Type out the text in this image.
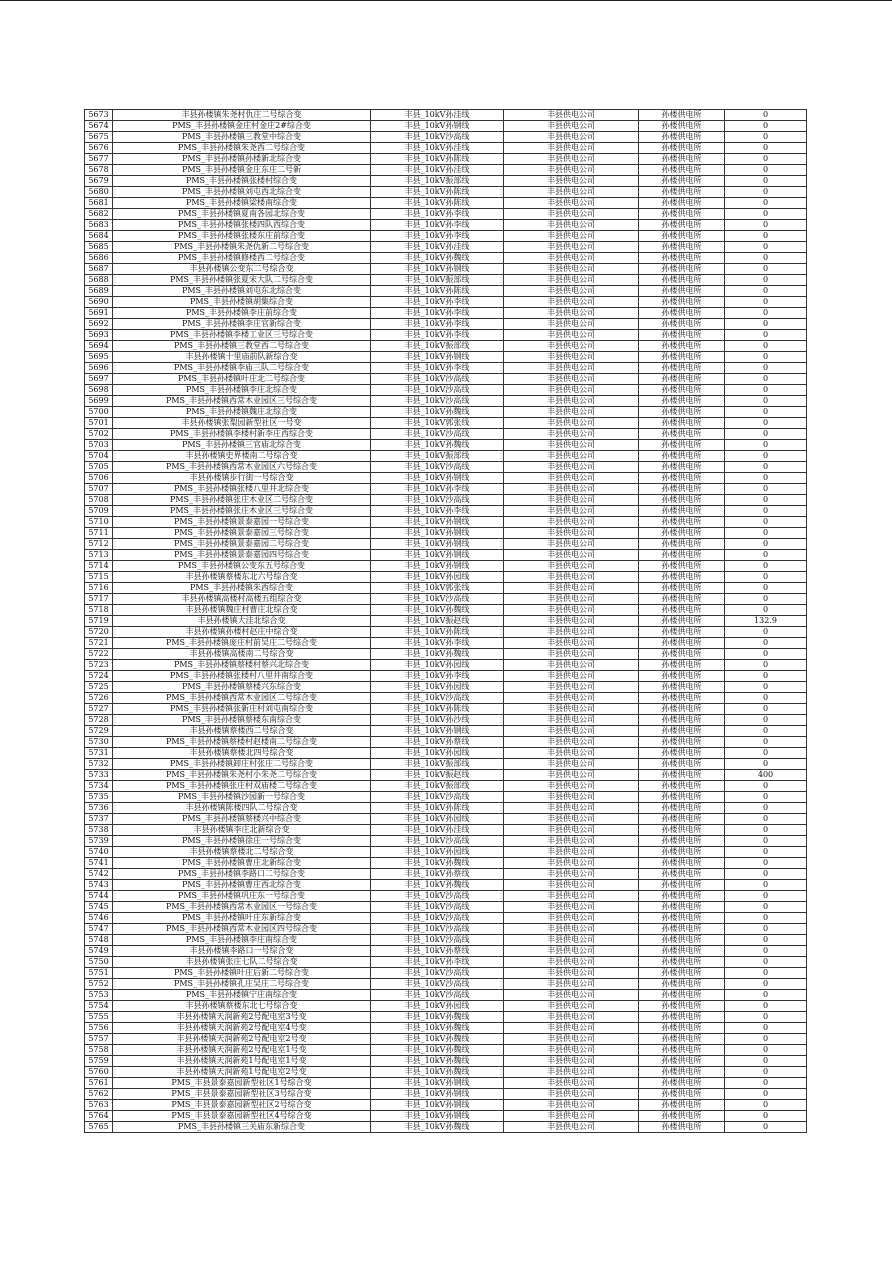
5673	丰县孙楼镇朱尧村仇庄二号综合变	丰县_10kV孙洼线	丰县供电公司	孙楼供电所	0
5674	PMS_丰县孙楼镇金庄村金庄2#综合变	丰县_10kV孙钢线	丰县供电公司	孙楼供电所	0
5675	PMS_丰县孙楼镇三教堂中综合变	丰县_10kV沙高线	丰县供电公司	孙楼供电所	0
5676	PMS_丰县孙楼镇朱尧西二号综合变	丰县_10kV孙洼线	丰县供电公司	孙楼供电所	0
5677	PMS_丰县孙楼镇孙楼新北综合变	丰县_10kV孙陈线	丰县供电公司	孙楼供电所	0
5678	PMS_丰县孙楼镇金庄东庄二号新	丰县_10kV孙洼线	丰县供电公司	孙楼供电所	0
5679	PMS_丰县孙楼镇张楼村综合变	丰县_10kV振部线	丰县供电公司	孙楼供电所	0
5680	PMS_丰县孙楼镇刘屯西北综合变	丰县_10kV孙陈线	丰县供电公司	孙楼供电所	0
5681	PMS_丰县孙楼镇梁楼南综合变	丰县_10kV孙陈线	丰县供电公司	孙楼供电所	0
5682	PMS_丰县孙楼镇夏南各园北综合变	丰县_10kV孙李线	丰县供电公司	孙楼供电所	0
5683	PMS_丰县孙楼镇张楼四队西综合变	丰县_10kV孙李线	丰县供电公司	孙楼供电所	0
5684	PMS_丰县孙楼镇张楼东庄前综合变	丰县_10kV孙李线	丰县供电公司	孙楼供电所	0
5685	PMS_丰县孙楼镇朱尧仇新二号综合变	丰县_10kV孙洼线	丰县供电公司	孙楼供电所	0
5686	PMS_丰县孙楼镇修楼西二号综合变	丰县_10kV孙魏线	丰县供电公司	孙楼供电所	0
5687	丰县孙楼镇公变东二号综合变	丰县_10kV孙钢线	丰县供电公司	孙楼供电所	0
5688	PMS_丰县孙楼镇张夏宋大队二号综合变	丰县_10kV振部线	丰县供电公司	孙楼供电所	0
5689	PMS_丰县孙楼镇刘屯东北综合变	丰县_10kV孙陈线	丰县供电公司	孙楼供电所	0
5690	PMS_丰县孙楼镇胡集综合变	丰县_10kV孙李线	丰县供电公司	孙楼供电所	0
5691	PMS_丰县孙楼镇李庄前综合变	丰县_10kV孙李线	丰县供电公司	孙楼供电所	0
5692	PMS_丰县孙楼镇李庄官新综合变	丰县_10kV孙李线	丰县供电公司	孙楼供电所	0
5693	PMS_丰县孙楼镇李楼工业区三号综合变	丰县_10kV孙李线	丰县供电公司	孙楼供电所	0
5694	PMS_丰县孙楼镇三教堂西二号综合变	丰县_10kV振部线	丰县供电公司	孙楼供电所	0
5695	丰县孙楼镇十里庙前队新综合变	丰县_10kV孙钢线	丰县供电公司	孙楼供电所	0
5696	PMS_丰县孙楼镇李庙三队二号综合变	丰县_10kV孙李线	丰县供电公司	孙楼供电所	0
5697	PMS_丰县孙楼镇叶庄北二号综合变	丰县_10kV沙高线	丰县供电公司	孙楼供电所	0
5698	PMS_丰县孙楼镇李庄北综合变	丰县_10kV沙高线	丰县供电公司	孙楼供电所	0
5699	PMS_丰县孙楼镇西常木业园区三号综合变	丰县_10kV沙高线	丰县供电公司	孙楼供电所	0
5700	PMS_丰县孙楼镇魏庄北综合变	丰县_10kV孙魏线	丰县供电公司	孙楼供电所	0
5701	丰县孙楼镇张梨园新型社区一号变	丰县_10kV郭张线	丰县供电公司	孙楼供电所	0
5702	PMS_丰县孙楼镇李楼村新李庄西综合变	丰县_10kV沙高线	丰县供电公司	孙楼供电所	0
5703	PMS_丰县孙楼镇三官庙北综合变	丰县_10kV孙魏线	丰县供电公司	孙楼供电所	0
5704	丰县孙楼镇史界楼南二号综合变	丰县_10kV振部线	丰县供电公司	孙楼供电所	0
5705	PMS_丰县孙楼镇西常木业园区六号综合变	丰县_10kV沙高线	丰县供电公司	孙楼供电所	0
5706	丰县孙楼镇步行街一号综合变	丰县_10kV孙钢线	丰县供电公司	孙楼供电所	0
5707	PMS_丰县孙楼镇张楼八里井北综合变	丰县_10kV孙李线	丰县供电公司	孙楼供电所	0
5708	PMS_丰县孙楼镇张庄木业区二号综合变	丰县_10kV沙高线	丰县供电公司	孙楼供电所	0
5709	PMS_丰县孙楼镇张庄木业区三号综合变	丰县_10kV孙李线	丰县供电公司	孙楼供电所	0
5710	PMS_丰县孙楼镇景泰嘉园一号综合变	丰县_10kV孙钢线	丰县供电公司	孙楼供电所	0
5711	PMS_丰县孙楼镇景泰嘉园三号综合变	丰县_10kV孙钢线	丰县供电公司	孙楼供电所	0
5712	PMS_丰县孙楼镇景泰嘉园二号综合变	丰县_10kV孙钢线	丰县供电公司	孙楼供电所	0
5713	PMS_丰县孙楼镇景泰嘉园四号综合变	丰县_10kV孙钢线	丰县供电公司	孙楼供电所	0
5714	PMS_丰县孙楼镇公变东五号综合变	丰县_10kV孙钢线	丰县供电公司	孙楼供电所	0
5715	丰县孙楼镇蔡楼东北六号综合变	丰县_10kV孙园线	丰县供电公司	孙楼供电所	0
5716	PMS_丰县孙楼镇朱西综合变	丰县_10kV郭张线	丰县供电公司	孙楼供电所	0
5717	丰县孙楼镇高楼村高楼五组综合变	丰县_10kV沙高线	丰县供电公司	孙楼供电所	0
5718	丰县孙楼镇魏庄村曹庄北综合变	丰县_10kV孙魏线	丰县供电公司	孙楼供电所	0
5719	丰县孙楼镇大洼北综合变	丰县_10kV振赵线	丰县供电公司	孙楼供电所	132.9
5720	丰县孙楼镇孙楼村赵庄中综合变	丰县_10kV孙陈线	丰县供电公司	孙楼供电所	0
5721	PMS_丰县孙楼镇庞庄村前吴庄二号综合变	丰县_10kV孙李线	丰县供电公司	孙楼供电所	0
5722	丰县孙楼镇高楼南二号综合变	丰县_10kV孙魏线	丰县供电公司	孙楼供电所	0
5723	PMS_丰县孙楼镇蔡楼村蔡兴北综合变	丰县_10kV孙园线	丰县供电公司	孙楼供电所	0
5724	PMS_丰县孙楼镇张楼村八里井南综合变	丰县_10kV孙李线	丰县供电公司	孙楼供电所	0
5725	PMS_丰县孙楼镇蔡楼兴东综合变	丰县_10kV孙园线	丰县供电公司	孙楼供电所	0
5726	PMS_丰县孙楼镇西常木业园区二号综合变	丰县_10kV沙高线	丰县供电公司	孙楼供电所	0
5727	PMS_丰县孙楼镇张新庄村刘屯南综合变	丰县_10kV孙陈线	丰县供电公司	孙楼供电所	0
5728	PMS_丰县孙楼镇蔡楼东南综合变	丰县_10kV孙沙线	丰县供电公司	孙楼供电所	0
5729	丰县孙楼镇蔡楼西二号综合变	丰县_10kV孙钢线	丰县供电公司	孙楼供电所	0
5730	PMS_丰县孙楼镇蔡楼村赵楼南二号综合变	丰县_10kV孙蔡线	丰县供电公司	孙楼供电所	0
5731	丰县孙楼镇蔡楼北四号综合变	丰县_10kV孙园线	丰县供电公司	孙楼供电所	0
5732	PMS_丰县孙楼镇卸庄村张庄二号综合变	丰县_10kV振部线	丰县供电公司	孙楼供电所	0
5733	PMS_丰县孙楼镇朱尧村小朱尧二号综合变	丰县_10kV振赵线	丰县供电公司	孙楼供电所	400
5734	PMS_丰县孙楼镇张庄村双庙楼二号综合变	丰县_10kV振部线	丰县供电公司	孙楼供电所	0
5735	PMS_丰县孙楼镇沙园新一号综合变	丰县_10kV沙高线	丰县供电公司	孙楼供电所	0
5736	丰县孙楼镇陈楼四队二号综合变	丰县_10kV孙陈线	丰县供电公司	孙楼供电所	0
5737	PMS_丰县孙楼镇蔡楼兴中综合变	丰县_10kV孙园线	丰县供电公司	孙楼供电所	0
5738	丰县孙楼镇李庄北新综合变	丰县_10kV孙洼线	丰县供电公司	孙楼供电所	0
5739	PMS_丰县孙楼镇徐庄一号综合变	丰县_10kV沙高线	丰县供电公司	孙楼供电所	0
5740	丰县孙楼镇蔡楼北二号综合变	丰县_10kV孙园线	丰县供电公司	孙楼供电所	0
5741	PMS_丰县孙楼镇曹庄北新综合变	丰县_10kV孙魏线	丰县供电公司	孙楼供电所	0
5742	PMS_丰县孙楼镇李路口二号综合变	丰县_10kV孙蔡线	丰县供电公司	孙楼供电所	0
5743	PMS_丰县孙楼镇曹庄西北综合变	丰县_10kV孙魏线	丰县供电公司	孙楼供电所	0
5744	PMS_丰县孙楼镇巩庄东一号综合变	丰县_10kV沙高线	丰县供电公司	孙楼供电所	0
5745	PMS_丰县孙楼镇西常木业园区一号综合变	丰县_10kV沙高线	丰县供电公司	孙楼供电所	0
5746	PMS_丰县孙楼镇叶庄东新综合变	丰县_10kV沙高线	丰县供电公司	孙楼供电所	0
5747	PMS_丰县孙楼镇西常木业园区四号综合变	丰县_10kV沙高线	丰县供电公司	孙楼供电所	0
5748	PMS_丰县孙楼镇李庄南综合变	丰县_10kV沙高线	丰县供电公司	孙楼供电所	0
5749	丰县孙楼镇李路口一号综合变	丰县_10kV孙蔡线	丰县供电公司	孙楼供电所	0
5750	丰县孙楼镇张庄七队二号综合变	丰县_10kV孙李线	丰县供电公司	孙楼供电所	0
5751	PMS_丰县孙楼镇叶庄后新二号综合变	丰县_10kV沙高线	丰县供电公司	孙楼供电所	0
5752	PMS_丰县孙楼镇孔庄吴庄二号综合变	丰县_10kV沙高线	丰县供电公司	孙楼供电所	0
5753	PMS_丰县孙楼镇宁庄南综合变	丰县_10kV沙高线	丰县供电公司	孙楼供电所	0
5754	丰县孙楼镇蔡楼东北七号综合变	丰县_10kV孙园线	丰县供电公司	孙楼供电所	0
5755	丰县孙楼镇天润新苑2号配电室3号变	丰县_10kV孙魏线	丰县供电公司	孙楼供电所	0
5756	丰县孙楼镇天润新苑2号配电室4号变	丰县_10kV孙魏线	丰县供电公司	孙楼供电所	0
5757	丰县孙楼镇天润新苑2号配电室2号变	丰县_10kV孙魏线	丰县供电公司	孙楼供电所	0
5758	丰县孙楼镇天润新苑2号配电室1号变	丰县_10kV孙魏线	丰县供电公司	孙楼供电所	0
5759	丰县孙楼镇天润新苑1号配电室1号变	丰县_10kV孙魏线	丰县供电公司	孙楼供电所	0
5760	丰县孙楼镇天润新苑1号配电室2号变	丰县_10kV孙魏线	丰县供电公司	孙楼供电所	0
5761	PMS_丰县景泰嘉园新型社区1号综合变	丰县_10kV孙钢线	丰县供电公司	孙楼供电所	0
5762	PMS_丰县景泰嘉园新型社区3号综合变	丰县_10kV孙钢线	丰县供电公司	孙楼供电所	0
5763	PMS_丰县景泰嘉园新型社区2号综合变	丰县_10kV孙钢线	丰县供电公司	孙楼供电所	0
5764	PMS_丰县景泰嘉园新型社区4号综合变	丰县_10kV孙钢线	丰县供电公司	孙楼供电所	0
5765	PMS_丰县孙楼镇三关庙东新综合变	丰县_10kV孙魏线	丰县供电公司	孙楼供电所	0
